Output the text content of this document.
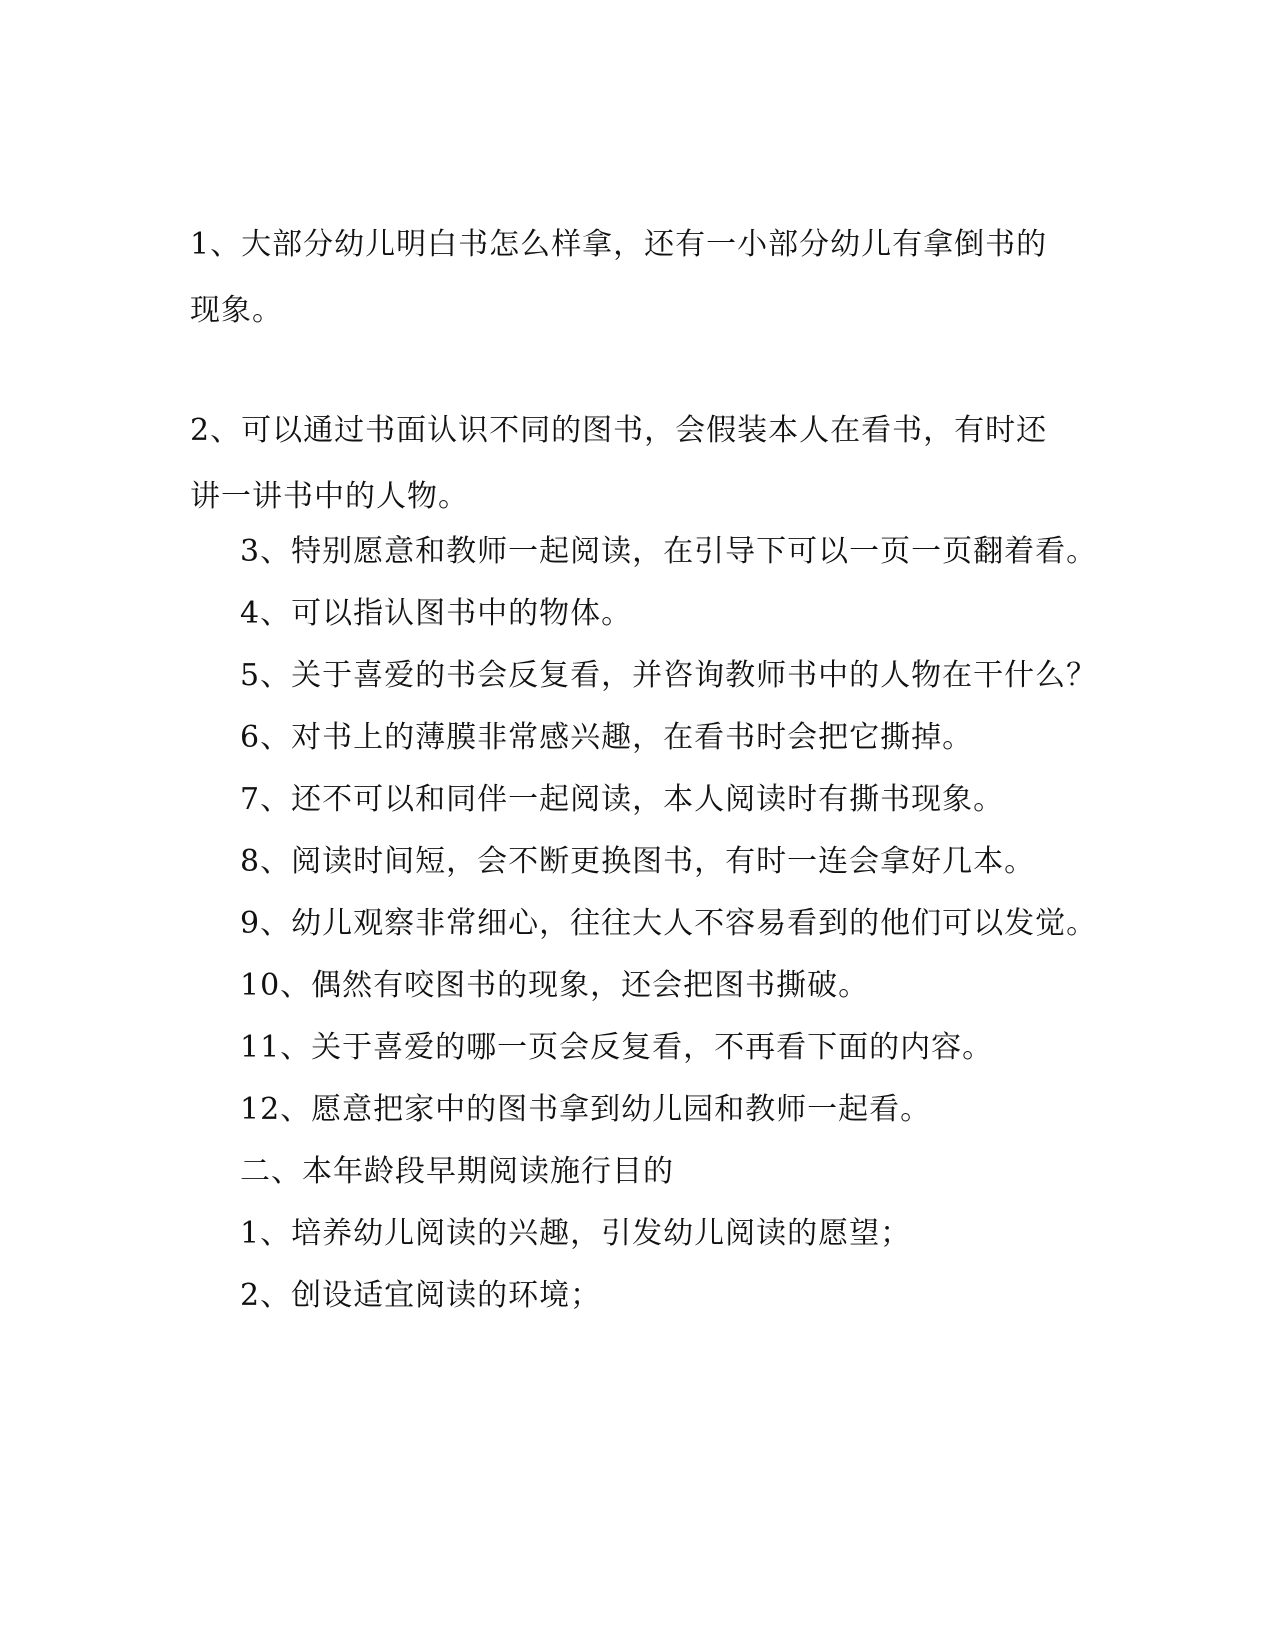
1、大部分幼儿明白书怎么样拿，还有一小部分幼儿有拿倒书的现象。

2、可以通过书面认识不同的图书，会假装本人在看书，有时还讲一讲书中的人物。

3、特别愿意和教师一起阅读，在引导下可以一页一页翻着看。

4、可以指认图书中的物体。

5、关于喜爱的书会反复看，并咨询教师书中的人物在干什么？

6、对书上的薄膜非常感兴趣，在看书时会把它撕掉。

7、还不可以和同伴一起阅读，本人阅读时有撕书现象。

8、阅读时间短，会不断更换图书，有时一连会拿好几本。

9、幼儿观察非常细心，往往大人不容易看到的他们可以发觉。

10、偶然有咬图书的现象，还会把图书撕破。

11、关于喜爱的哪一页会反复看，不再看下面的内容。

12、愿意把家中的图书拿到幼儿园和教师一起看。

二、本年龄段早期阅读施行目的

1、培养幼儿阅读的兴趣，引发幼儿阅读的愿望；

2、创设适宜阅读的环境；
